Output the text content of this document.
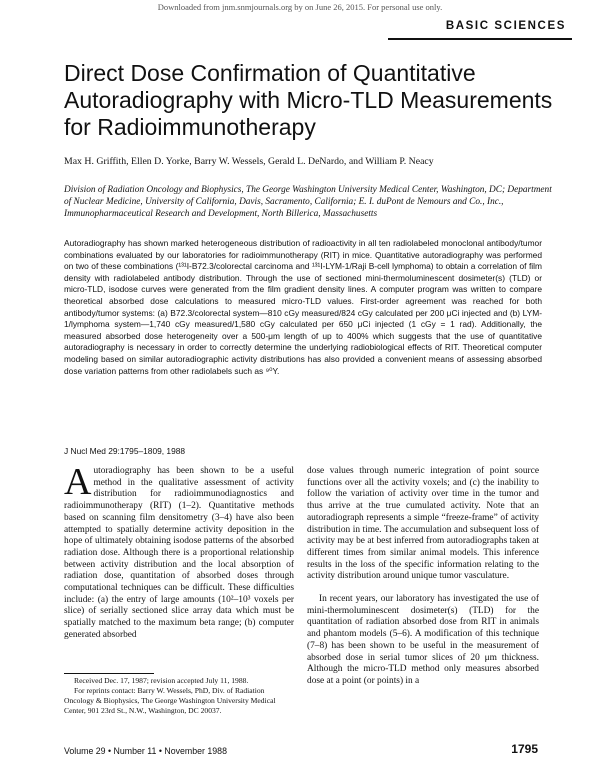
Downloaded from jnm.snmjournals.org by on June 26, 2015. For personal use only.
BASIC SCIENCES
Direct Dose Confirmation of Quantitative Autoradiography with Micro-TLD Measurements for Radioimmunotherapy
Max H. Griffith, Ellen D. Yorke, Barry W. Wessels, Gerald L. DeNardo, and William P. Neacy
Division of Radiation Oncology and Biophysics, The George Washington University Medical Center, Washington, DC; Department of Nuclear Medicine, University of California, Davis, Sacramento, California; E. I. duPont de Nemours and Co., Inc., Immunopharmaceutical Research and Development, North Billerica, Massachusetts
Autoradiography has shown marked heterogeneous distribution of radioactivity in all ten radiolabeled monoclonal antibody/tumor combinations evaluated by our laboratories for radioimmunotherapy (RIT) in mice. Quantitative autoradiography was performed on two of these combinations (¹³¹I-B72.3/colorectal carcinoma and ¹³¹I-LYM-1/Raji B-cell lymphoma) to obtain a correlation of film density with radiolabeled antibody distribution. Through the use of sectioned mini-thermoluminescent dosimeter(s) (TLD) or micro-TLD, isodose curves were generated from the film gradient density lines. A computer program was written to compare theoretical absorbed dose calculations to measured micro-TLD values. First-order agreement was reached for both antibody/tumor systems: (a) B72.3/colorectal system—810 cGy measured/824 cGy calculated per 200 μCi injected and (b) LYM-1/lymphoma system—1,740 cGy measured/1,580 cGy calculated per 650 μCi injected (1 cGy = 1 rad). Additionally, the measured absorbed dose heterogeneity over a 500-μm length of up to 400% which suggests that the use of quantitative autoradiography is necessary in order to correctly determine the underlying radiobiological effects of RIT. Theoretical computer modeling based on similar autoradiographic activity distributions has also provided a convenient means of assessing absorbed dose variation patterns from other radiolabels such as ⁹⁰Y.
J Nucl Med 29:1795–1809, 1988
Autoradiography has been shown to be a useful method in the qualitative assessment of activity distribution for radioimmunodiagnostics and radioimmunotherapy (RIT) (1–2). Quantitative methods based on scanning film densitometry (3–4) have also been attempted to spatially determine activity deposition in the hope of ultimately obtaining isodose patterns of the absorbed radiation dose. Although there is a proportional relationship between activity distribution and the local absorption of radiation dose, quantitation of absorbed doses through computational techniques can be difficult. These difficulties include: (a) the entry of large amounts (10²–10³ voxels per slice) of serially sectioned slice array data which must be spatially matched to the maximum beta range; (b) computer generated absorbed

dose values through numeric integration of point source functions over all the activity voxels; and (c) the inability to follow the variation of activity over time in the tumor and thus arrive at the true cumulated activity. Note that an autoradiograph represents a simple “freeze-frame” of activity distribution in time. The accumulation and subsequent loss of activity may be at best inferred from autoradiographs taken at different times from similar animal models. This inference results in the loss of the specific information relating to the activity distribution around unique tumor vasculature.

In recent years, our laboratory has investigated the use of mini-thermoluminescent dosimeter(s) (TLD) for the quantitation of radiation absorbed dose from RIT in animals and phantom models (5–6). A modification of this technique (7–8) has been shown to be useful in the measurement of absorbed dose in serial tumor slices of 20 μm thickness. Although the micro-TLD method only measures absorbed dose at a point (or points) in a

Received Dec. 17, 1987; revision accepted July 11, 1988.

For reprints contact: Barry W. Wessels, PhD, Div. of Radiation Oncology & Biophysics, The George Washington University Medical Center, 901 23rd St., N.W., Washington, DC 20037.

Volume 29 • Number 11 • November 1988	1795
